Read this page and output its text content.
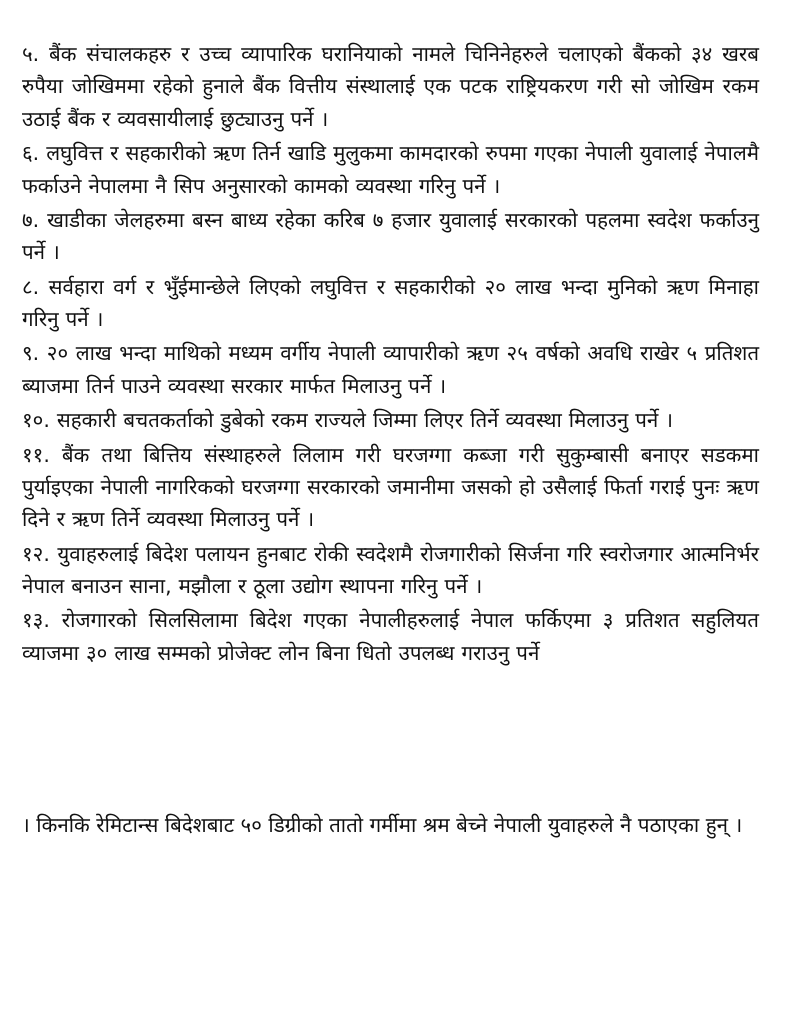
५. बैंक संचालकहरु र उच्च व्यापारिक घरानियाको नामले चिनिनेहरुले चलाएको बैंकको ३४ खरब रुपैया जोखिममा रहेको हुनाले बैंक वित्तीय संस्थालाई एक पटक राष्ट्रियकरण गरी सो जोखिम रकम उठाई बैंक र व्यवसायीलाई छुट्याउनु पर्ने ।

६. लघुवित्त र सहकारीको ऋण तिर्न खाडि मुलुकमा कामदारको रुपमा गएका नेपाली युवालाई नेपालमै फर्काउने नेपालमा नै सिप अनुसारको कामको व्यवस्था गरिनु पर्ने ।

७. खाडीका जेलहरुमा बस्न बाध्य रहेका करिब ७ हजार युवालाई सरकारको पहलमा स्वदेश फर्काउनु पर्ने ।

८. सर्वहारा वर्ग र भुँईमान्छेले लिएको लघुवित्त र सहकारीको २० लाख भन्दा मुनिको ऋण मिनाहा गरिनु पर्ने ।

९. २० लाख भन्दा माथिको मध्यम वर्गीय नेपाली व्यापारीको ऋण २५ वर्षको अवधि राखेर ५ प्रतिशत ब्याजमा तिर्न पाउने व्यवस्था सरकार मार्फत मिलाउनु पर्ने ।

१०. सहकारी बचतकर्ताको डुबेको रकम राज्यले जिम्मा लिएर तिर्ने व्यवस्था मिलाउनु पर्ने ।

११. बैंक तथा बित्तिय संस्थाहरुले लिलाम गरी घरजग्गा कब्जा गरी सुकुम्बासी बनाएर सडकमा पुर्याइएका नेपाली नागरिकको घरजग्गा सरकारको जमानीमा जसको हो उसैलाई फिर्ता गराई पुनः ऋण दिने र ऋण तिर्ने व्यवस्था मिलाउनु पर्ने ।

१२. युवाहरुलाई बिदेश पलायन हुनबाट रोकी स्वदेशमै रोजगारीको सिर्जना गरि स्वरोजगार आत्मनिर्भर नेपाल बनाउन साना, मझौला र ठूला उद्योग स्थापना गरिनु पर्ने ।

१३. रोजगारको सिलसिलामा बिदेश गएका नेपालीहरुलाई नेपाल फर्किएमा ३ प्रतिशत सहुलियत व्याजमा ३० लाख सम्मको प्रोजेक्ट लोन बिना धितो उपलब्ध गराउनु पर्ने

। किनकि रेमिटान्स बिदेशबाट ५० डिग्रीको तातो गर्मीमा श्रम बेच्ने नेपाली युवाहरुले नै पठाएका हुन् ।
